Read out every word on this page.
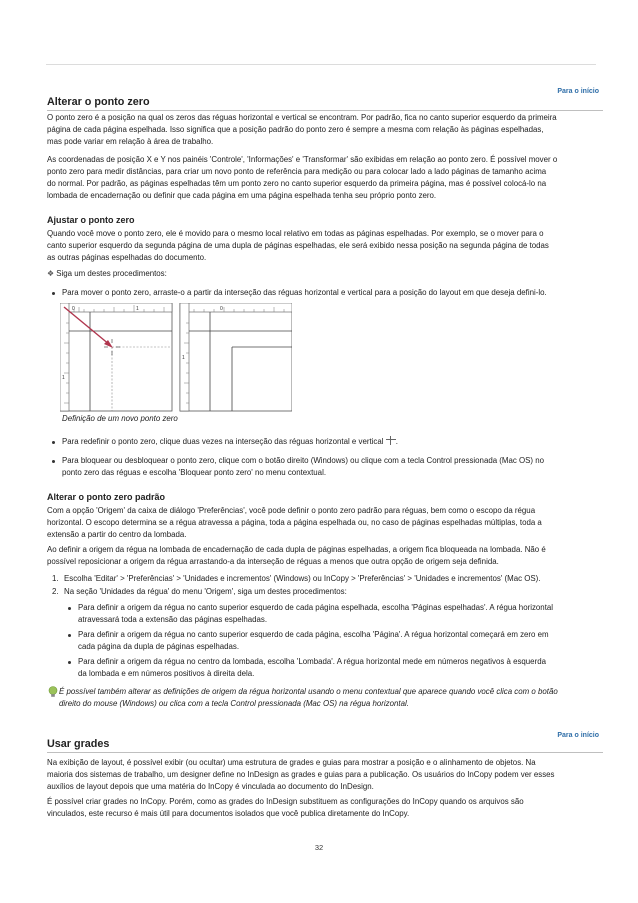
Alterar o ponto zero
Para o início

O ponto zero é a posição na qual os zeros das réguas horizontal e vertical se encontram. Por padrão, fica no canto superior esquerdo da primeira
página de cada página espelhada. Isso significa que a posição padrão do ponto zero é sempre a mesma com relação às páginas espelhadas,
mas pode variar em relação à área de trabalho.

As coordenadas de posição X e Y nos painéis 'Controle', 'Informações' e 'Transformar' são exibidas em relação ao ponto zero. É possível mover o
ponto zero para medir distâncias, para criar um novo ponto de referência para medição ou para colocar lado a lado páginas de tamanho acima
do normal. Por padrão, as páginas espelhadas têm um ponto zero no canto superior esquerdo da primeira página, mas é possível colocá-lo na
lombada de encadernação ou definir que cada página em uma página espelhada tenha seu próprio ponto zero.

Ajustar o ponto zero

Quando você move o ponto zero, ele é movido para o mesmo local relativo em todas as páginas espelhadas. Por exemplo, se o mover para o
canto superior esquerdo da segunda página de uma dupla de páginas espelhadas, ele será exibido nessa posição na segunda página de todas
as outras páginas espelhadas do documento.

❖ Siga um destes procedimentos:

Para mover o ponto zero, arraste-o a partir da interseção das réguas horizontal e vertical para a posição do layout em que deseja defini-lo.

0	1
1
0
1
Definição de um novo ponto zero

Para redefinir o ponto zero, clique duas vezes na interseção das réguas horizontal e vertical .

Para bloquear ou desbloquear o ponto zero, clique com o botão direito (Windows) ou clique com a tecla Control pressionada (Mac OS) no
ponto zero das réguas e escolha 'Bloquear ponto zero' no menu contextual.

Alterar o ponto zero padrão

Com a opção 'Origem' da caixa de diálogo 'Preferências', você pode definir o ponto zero padrão para réguas, bem como o escopo da régua
horizontal. O escopo determina se a régua atravessa a página, toda a página espelhada ou, no caso de páginas espelhadas múltiplas, toda a
extensão a partir do centro da lombada.

Ao definir a origem da régua na lombada de encadernação de cada dupla de páginas espelhadas, a origem fica bloqueada na lombada. Não é
possível reposicionar a origem da régua arrastando-a da interseção de réguas a menos que outra opção de origem seja definida.

1. Escolha 'Editar' > 'Preferências' > 'Unidades e incrementos' (Windows) ou InCopy > 'Preferências' > 'Unidades e incrementos' (Mac OS).

2. Na seção 'Unidades da régua' do menu 'Origem', siga um destes procedimentos:

Para definir a origem da régua no canto superior esquerdo de cada página espelhada, escolha 'Páginas espelhadas'. A régua horizontal
atravessará toda a extensão das páginas espelhadas.

Para definir a origem da régua no canto superior esquerdo de cada página, escolha 'Página'. A régua horizontal começará em zero em
cada página da dupla de páginas espelhadas.

Para definir a origem da régua no centro da lombada, escolha 'Lombada'. A régua horizontal mede em números negativos à esquerda
da lombada e em números positivos à direita dela.

É possível também alterar as definições de origem da régua horizontal usando o menu contextual que aparece quando você clica com o botão
direito do mouse (Windows) ou clica com a tecla Control pressionada (Mac OS) na régua horizontal.

Usar grades
Para o início

Na exibição de layout, é possível exibir (ou ocultar) uma estrutura de grades e guias para mostrar a posição e o alinhamento de objetos. Na
maioria dos sistemas de trabalho, um designer define no InDesign as grades e guias para a publicação. Os usuários do InCopy podem ver esses
auxílios de layout depois que uma matéria do InCopy é vinculada ao documento do InDesign.

É possível criar grades no InCopy. Porém, como as grades do InDesign substituem as configurações do InCopy quando os arquivos são
vinculados, este recurso é mais útil para documentos isolados que você publica diretamente do InCopy.

32
